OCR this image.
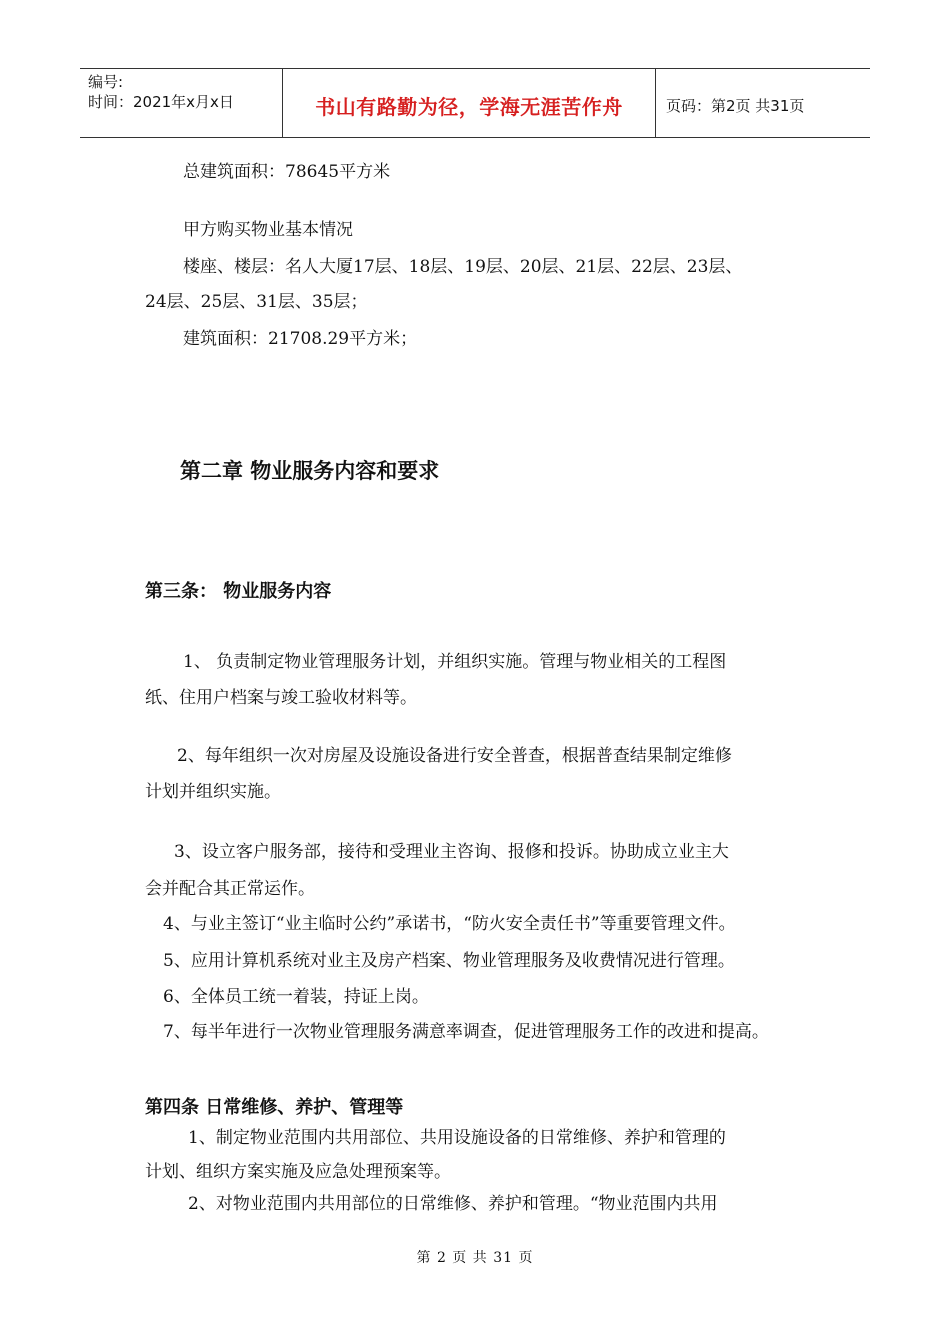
编号:
时间：2021年x月x日	书山有路勤为径，学海无涯苦作舟	页码：第2页 共31页
总建筑面积：78645平方米
甲方购买物业基本情况
楼座、楼层：名人大厦17层、18层、19层、20层、21层、22层、23层、
24层、25层、31层、35层；
建筑面积：21708.29平方米；
第二章 物业服务内容和要求
第三条： 物业服务内容
1、 负责制定物业管理服务计划，并组织实施。管理与物业相关的工程图
纸、住用户档案与竣工验收材料等。
2、每年组织一次对房屋及设施设备进行安全普查，根据普查结果制定维修
计划并组织实施。
3、设立客户服务部，接待和受理业主咨询、报修和投诉。协助成立业主大
会并配合其正常运作。
4、与业主签订“业主临时公约”承诺书，“防火安全责任书”等重要管理文件。
5、应用计算机系统对业主及房产档案、物业管理服务及收费情况进行管理。
6、全体员工统一着装，持证上岗。
7、每半年进行一次物业管理服务满意率调查，促进管理服务工作的改进和提高。
第四条 日常维修、养护、管理等
1、制定物业范围内共用部位、共用设施设备的日常维修、养护和管理的
计划、组织方案实施及应急处理预案等。
2、对物业范围内共用部位的日常维修、养护和管理。“物业范围内共用
第 2 页 共 31 页
